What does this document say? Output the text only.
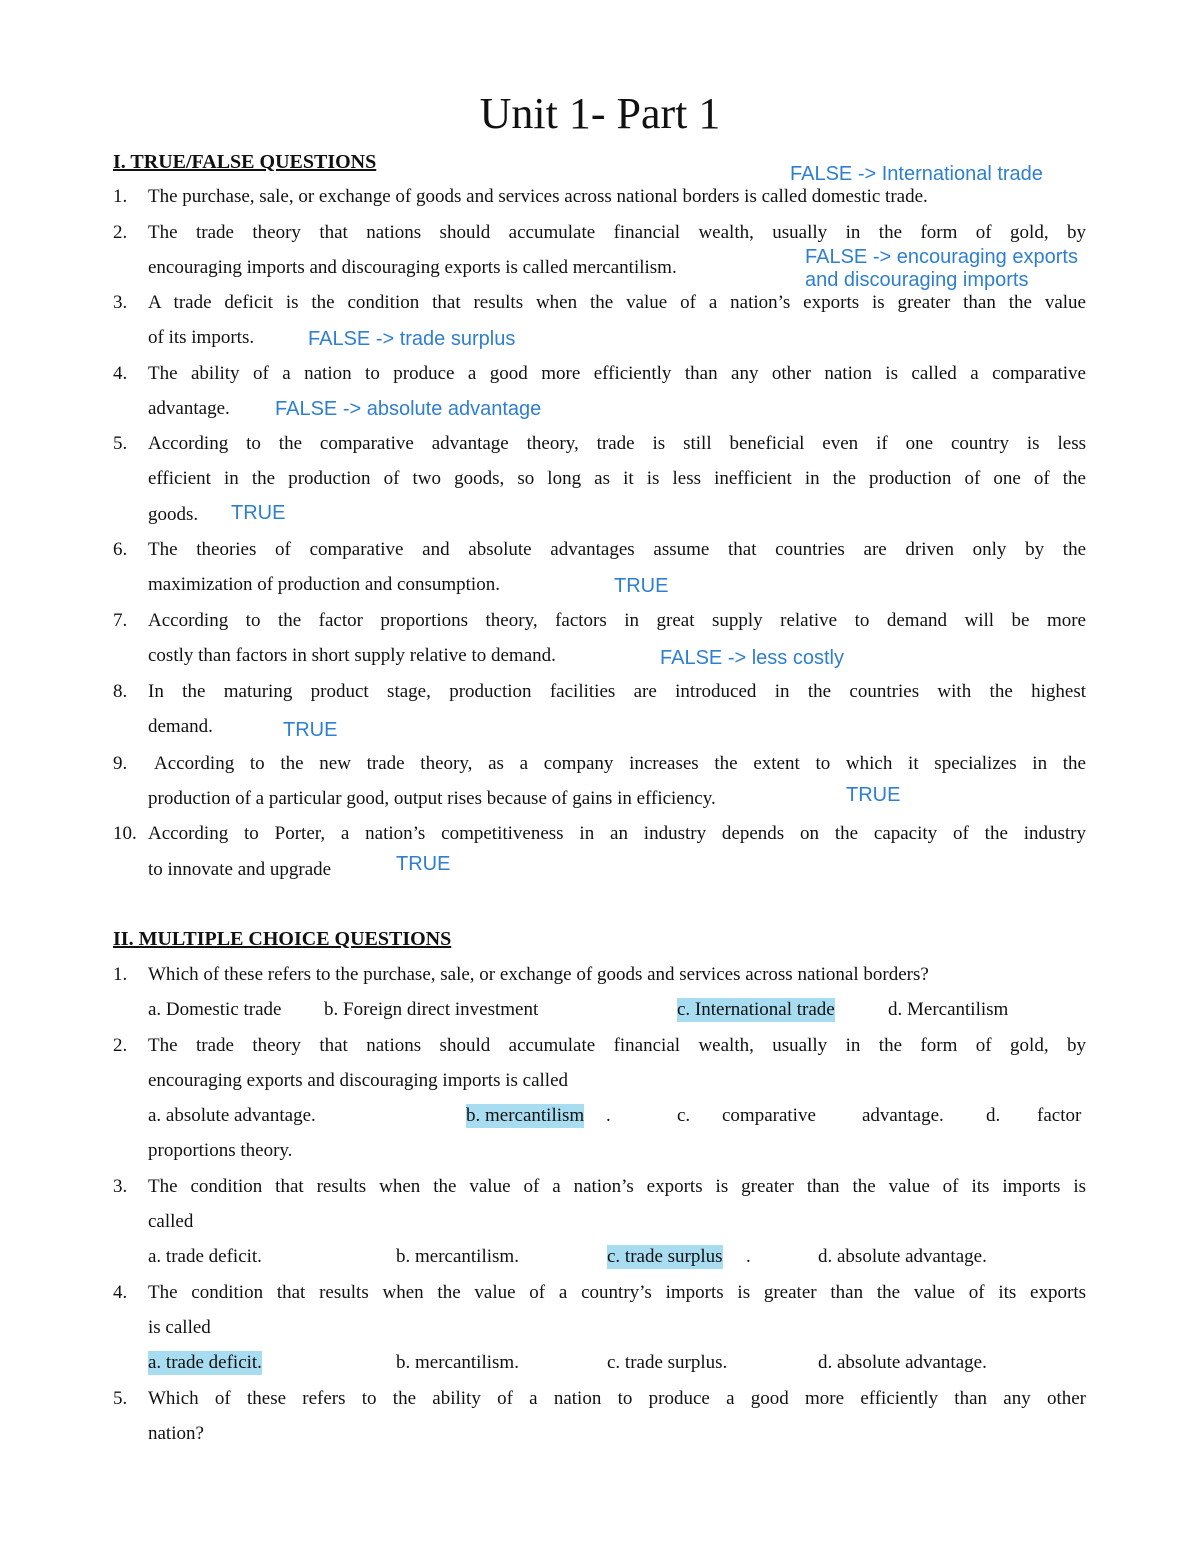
Unit 1- Part 1
I. TRUE/FALSE QUESTIONS
1. The purchase, sale, or exchange of goods and services across national borders is called domestic trade.
FALSE -> International trade
2. The trade theory that nations should accumulate financial wealth, usually in the form of gold, by
encouraging imports and discouraging exports is called mercantilism.	FALSE -> encouraging exports
and discouraging imports
3. A trade deficit is the condition that results when the value of a nation’s exports is greater than the value
of its imports.	FALSE -> trade surplus
4. The ability of a nation to produce a good more efficiently than any other nation is called a comparative
advantage.	FALSE -> absolute advantage
5. According to the comparative advantage theory, trade is still beneficial even if one country is less
efficient in the production of two goods, so long as it is less inefficient in the production of one of the
goods.	TRUE
6. The theories of comparative and absolute advantages assume that countries are driven only by the
maximization of production and consumption.	TRUE
7. According to the factor proportions theory, factors in great supply relative to demand will be more
costly than factors in short supply relative to demand.	FALSE -> less costly
8. In the maturing product stage, production facilities are introduced in the countries with the highest
demand.	TRUE
9. According to the new trade theory, as a company increases the extent to which it specializes in the
production of a particular good, output rises because of gains in efficiency.	TRUE
10. According to Porter, a nation’s competitiveness in an industry depends on the capacity of the industry
to innovate and upgrade	TRUE
II. MULTIPLE CHOICE QUESTIONS
1. Which of these refers to the purchase, sale, or exchange of goods and services across national borders?
a. Domestic trade b. Foreign direct investment	c. International trade	d. Mercantilism
2. The trade theory that nations should accumulate financial wealth, usually in the form of gold, by
encouraging exports and discouraging imports is called
a. absolute advantage.	b. mercantilism .	c. comparative advantage. d. factor
proportions theory.
3. The condition that results when the value of a nation’s exports is greater than the value of its imports is
called
a. trade deficit.	b. mercantilism.	c. trade surplus .	d. absolute advantage.
4. The condition that results when the value of a country’s imports is greater than the value of its exports
is called
a. trade deficit.	b. mercantilism.	c. trade surplus.	d. absolute advantage.
5. Which of these refers to the ability of a nation to produce a good more efficiently than any other
nation?
